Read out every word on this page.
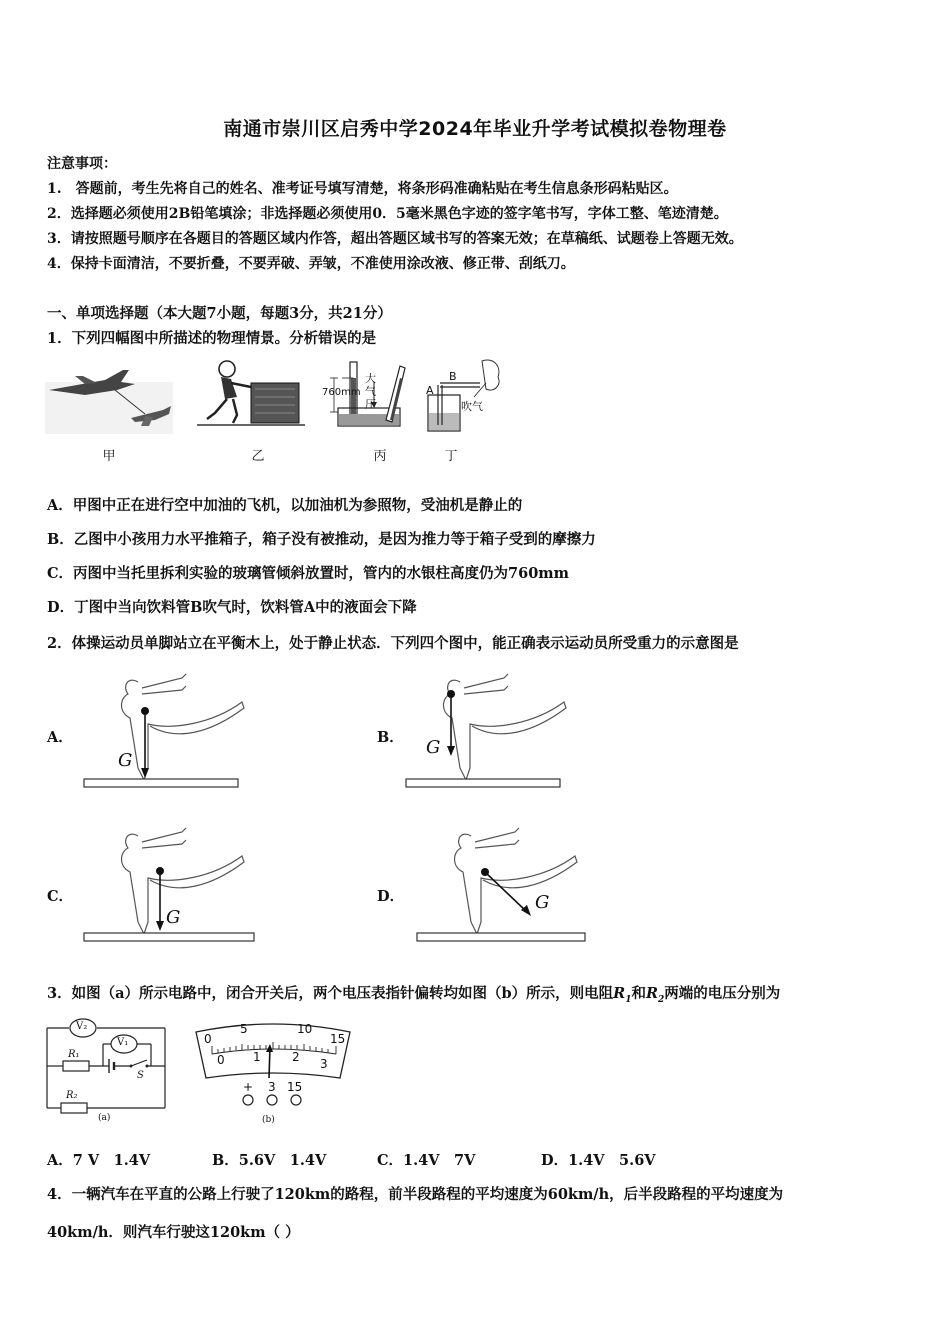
南通市崇川区启秀中学2024年毕业升学考试模拟卷物理卷
注意事项：
1.　答题前，考生先将自己的姓名、准考证号填写清楚，将条形码准确粘贴在考生信息条形码粘贴区。
2．选择题必须使用2B铅笔填涂；非选择题必须使用0．5毫米黑色字迹的签字笔书写，字体工整、笔迹清楚。
3．请按照题号顺序在各题目的答题区域内作答，超出答题区域书写的答案无效；在草稿纸、试题卷上答题无效。
4．保持卡面清洁，不要折叠，不要弄破、弄皱，不准使用涂改液、修正带、刮纸刀。
一、单项选择题（本大题7小题，每题3分，共21分）
1．下列四幅图中所描述的物理情景。分析错误的是
甲	乙
760mm
大
气
压
丙
A
B
吹气
丁
A．甲图中正在进行空中加油的飞机，以加油机为参照物，受油机是静止的
B．乙图中小孩用力水平推箱子，箱子没有被推动，是因为推力等于箱子受到的摩擦力
C．丙图中当托里拆利实验的玻璃管倾斜放置时，管内的水银柱高度仍为760mm
D．丁图中当向饮料管B吹气时，饮料管A中的液面会下降
2．体操运动员单脚站立在平衡木上，处于静止状态．下列四个图中，能正确表示运动员所受重力的示意图是
A．
G
B． G
C．
G
D．	G
3．如图（a）所示电路中，闭合开关后，两个电压表指针偏转均如图（b）所示，则电阻$R_1$和$R_2$两端的电压分别为
V₂
V₁
R₁
S
R₂
(a)
0
5	10
15
0 1	2 3
+ 3 15
(b)
A．7 V　1.4V	B．5.6V　1.4V	C．1.4V　7V	D．1.4V　5.6V
4．一辆汽车在平直的公路上行驶了120km的路程，前半段路程的平均速度为60km/h，后半段路程的平均速度为
40km/h．则汽车行驶这120km（ ）
